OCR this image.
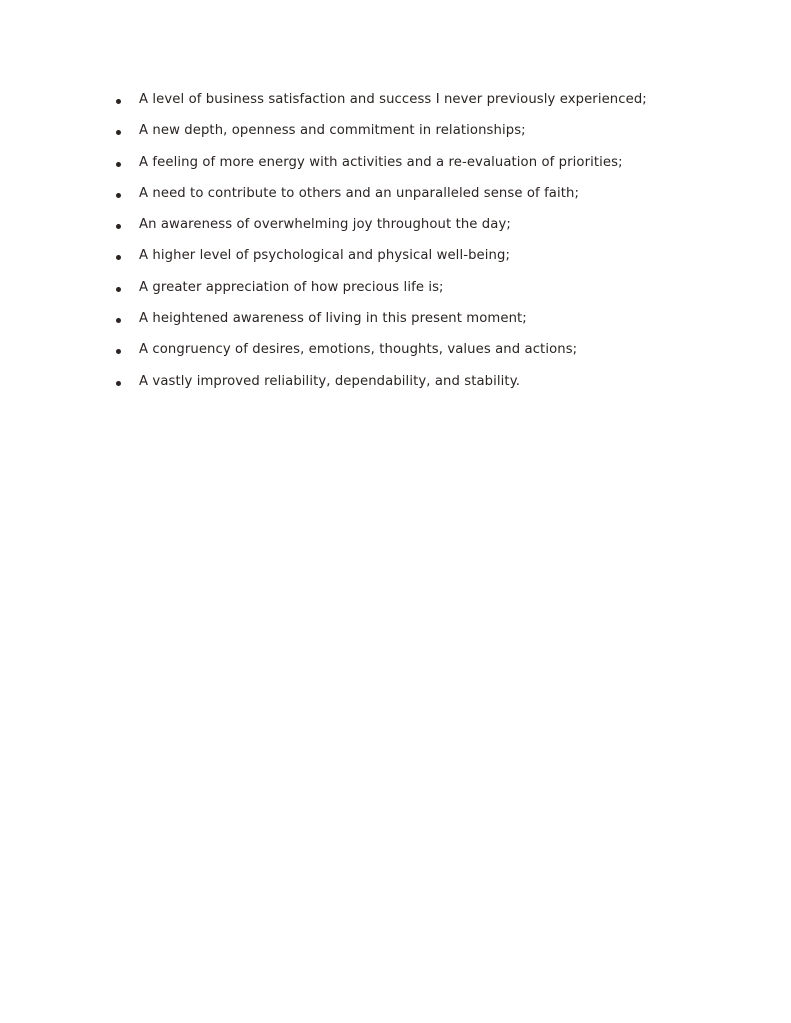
A level of business satisfaction and success I never previously experienced;
A new depth, openness and commitment in relationships;
A feeling of more energy with activities and a re-evaluation of priorities;
A need to contribute to others and an unparalleled sense of faith;
An awareness of overwhelming joy throughout the day;
A higher level of psychological and physical well-being;
A greater appreciation of how precious life is;
A heightened awareness of living in this present moment;
A congruency of desires, emotions, thoughts, values and actions;
A vastly improved reliability, dependability, and stability.
